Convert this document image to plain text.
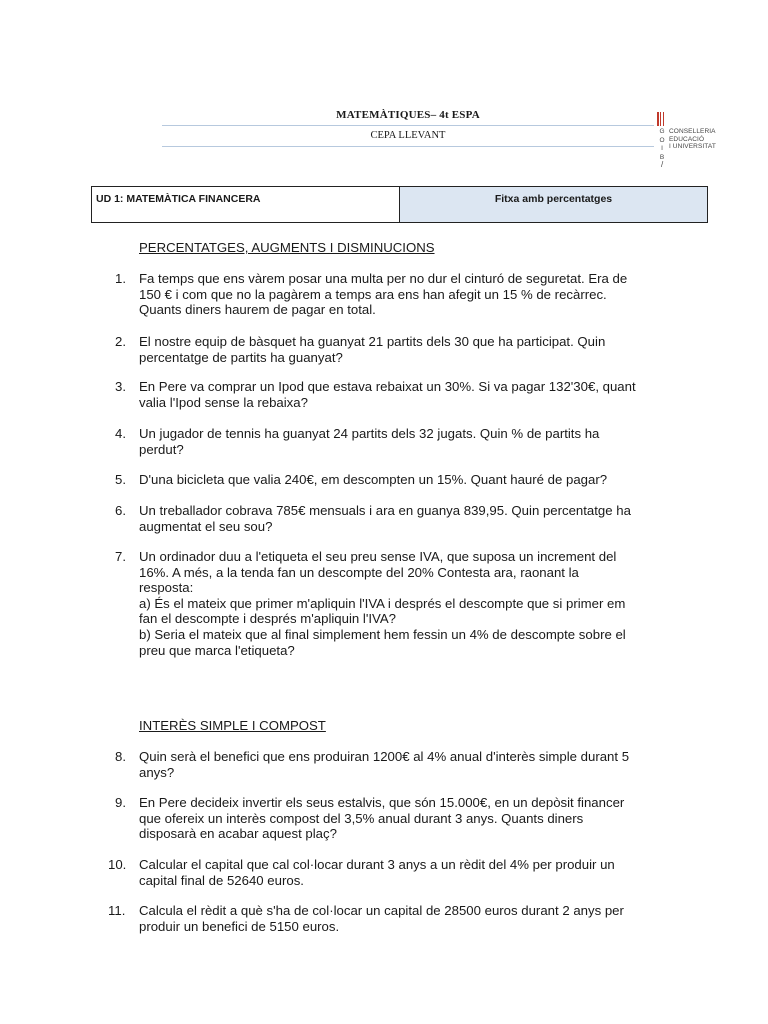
MATEMÀTIQUES– 4t ESPA
CEPA LLEVANT	G
O
I
B
CONSELLERIA
EDUCACIÓ
I UNIVERSITAT
/
UD 1: MATEMÀTICA FINANCERA	Fitxa amb percentatges
PERCENTATGES, AUGMENTS I DISMINUCIONS
1. Fa temps que ens vàrem posar una multa per no dur el cinturó de seguretat. Era de
150 € i com que no la pagàrem a temps ara ens han afegit un 15 % de recàrrec.
Quants diners haurem de pagar en total.
2. El nostre equip de bàsquet ha guanyat 21 partits dels 30 que ha participat. Quin
percentatge de partits ha guanyat?
3. En Pere va comprar un Ipod que estava rebaixat un 30%. Si va pagar 132'30€, quant
valia l'Ipod sense la rebaixa?
4. Un jugador de tennis ha guanyat 24 partits dels 32 jugats. Quin % de partits ha
perdut?
5. D'una bicicleta que valia 240€, em descompten un 15%. Quant hauré de pagar?
6. Un treballador cobrava 785€ mensuals i ara en guanya 839,95. Quin percentatge ha
augmentat el seu sou?
7. Un ordinador duu a l'etiqueta el seu preu sense IVA, que suposa un increment del
16%. A més, a la tenda fan un descompte del 20% Contesta ara, raonant la
resposta:
a) És el mateix que primer m'apliquin l'IVA i després el descompte que si primer em
fan el descompte i després m'apliquin l'IVA?
b) Seria el mateix que al final simplement hem fessin un 4% de descompte sobre el
preu que marca l'etiqueta?
INTERÈS SIMPLE I COMPOST
8. Quin serà el benefici que ens produiran 1200€ al 4% anual d'interès simple durant 5
anys?
9. En Pere decideix invertir els seus estalvis, que són 15.000€, en un depòsit financer
que ofereix un interès compost del 3,5% anual durant 3 anys. Quants diners
disposarà en acabar aquest plaç?
10. Calcular el capital que cal col·locar durant 3 anys a un rèdit del 4% per produir un
capital final de 52640 euros.
11.	Calcula el rèdit a què s'ha de col·locar un capital de 28500 euros durant 2 anys per
produir un benefici de 5150 euros.
